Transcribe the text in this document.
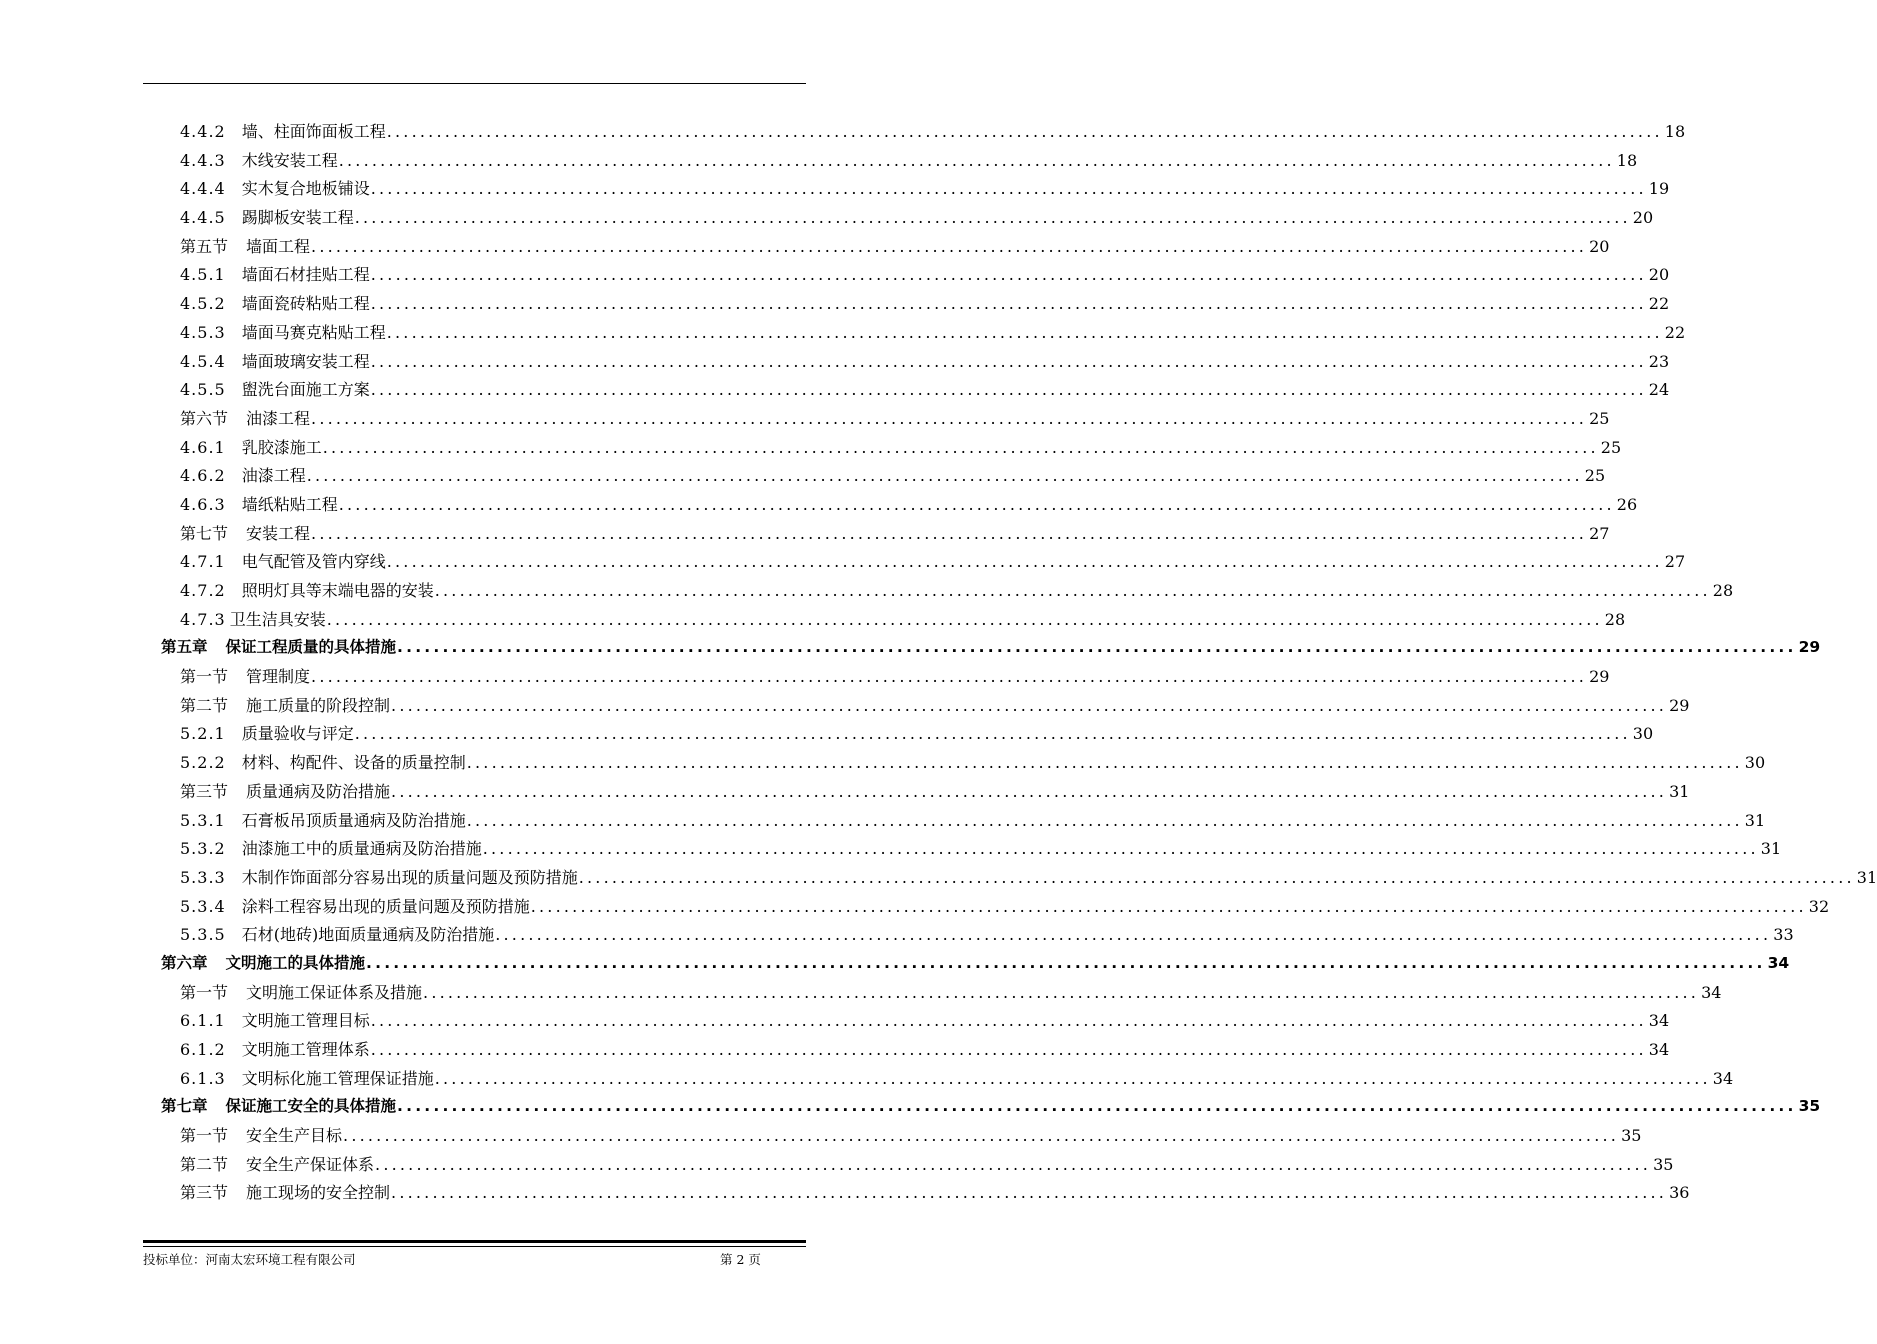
4.4.2 墙、柱面饰面板工程 .......................................................................................................................................................... 18
4.4.3 木线安装工程 .......................................................................................................................................................... 18
4.4.4 实木复合地板铺设 .......................................................................................................................................................... 19
4.4.5 踢脚板安装工程 .......................................................................................................................................................... 20
第五节 墙面工程 .......................................................................................................................................................... 20
4.5.1 墙面石材挂贴工程 .......................................................................................................................................................... 20
4.5.2 墙面瓷砖粘贴工程 .......................................................................................................................................................... 22
4.5.3 墙面马赛克粘贴工程 .......................................................................................................................................................... 22
4.5.4 墙面玻璃安装工程 .......................................................................................................................................................... 23
4.5.5 盥洗台面施工方案 .......................................................................................................................................................... 24
第六节 油漆工程 .......................................................................................................................................................... 25
4.6.1 乳胶漆施工 .......................................................................................................................................................... 25
4.6.2 油漆工程 .......................................................................................................................................................... 25
4.6.3 墙纸粘贴工程 .......................................................................................................................................................... 26
第七节 安装工程 .......................................................................................................................................................... 27
4.7.1 电气配管及管内穿线 .......................................................................................................................................................... 27
4.7.2 照明灯具等末端电器的安装 .......................................................................................................................................................... 28
4.7.3 卫生洁具安装 .......................................................................................................................................................... 28
第五章 保证工程质量的具体措施 .......................................................................................................................................................... 29
第一节 管理制度 .......................................................................................................................................................... 29
第二节 施工质量的阶段控制 .......................................................................................................................................................... 29
5.2.1 质量验收与评定 .......................................................................................................................................................... 30
5.2.2 材料、构配件、设备的质量控制 .......................................................................................................................................................... 30
第三节 质量通病及防治措施 .......................................................................................................................................................... 31
5.3.1 石膏板吊顶质量通病及防治措施 .......................................................................................................................................................... 31
5.3.2 油漆施工中的质量通病及防治措施 .......................................................................................................................................................... 31
5.3.3 木制作饰面部分容易出现的质量问题及预防措施 .......................................................................................................................................................... 31
5.3.4 涂料工程容易出现的质量问题及预防措施 .......................................................................................................................................................... 32
5.3.5 石材(地砖)地面质量通病及防治措施 .......................................................................................................................................................... 33
第六章 文明施工的具体措施 .......................................................................................................................................................... 34
第一节 文明施工保证体系及措施 .......................................................................................................................................................... 34
6.1.1 文明施工管理目标 .......................................................................................................................................................... 34
6.1.2 文明施工管理体系 .......................................................................................................................................................... 34
6.1.3 文明标化施工管理保证措施 .......................................................................................................................................................... 34
第七章 保证施工安全的具体措施 .......................................................................................................................................................... 35
第一节 安全生产目标 .......................................................................................................................................................... 35
第二节 安全生产保证体系 .......................................................................................................................................................... 35
第三节 施工现场的安全控制 .......................................................................................................................................................... 36
投标单位：河南太宏环境工程有限公司	第 2 页
